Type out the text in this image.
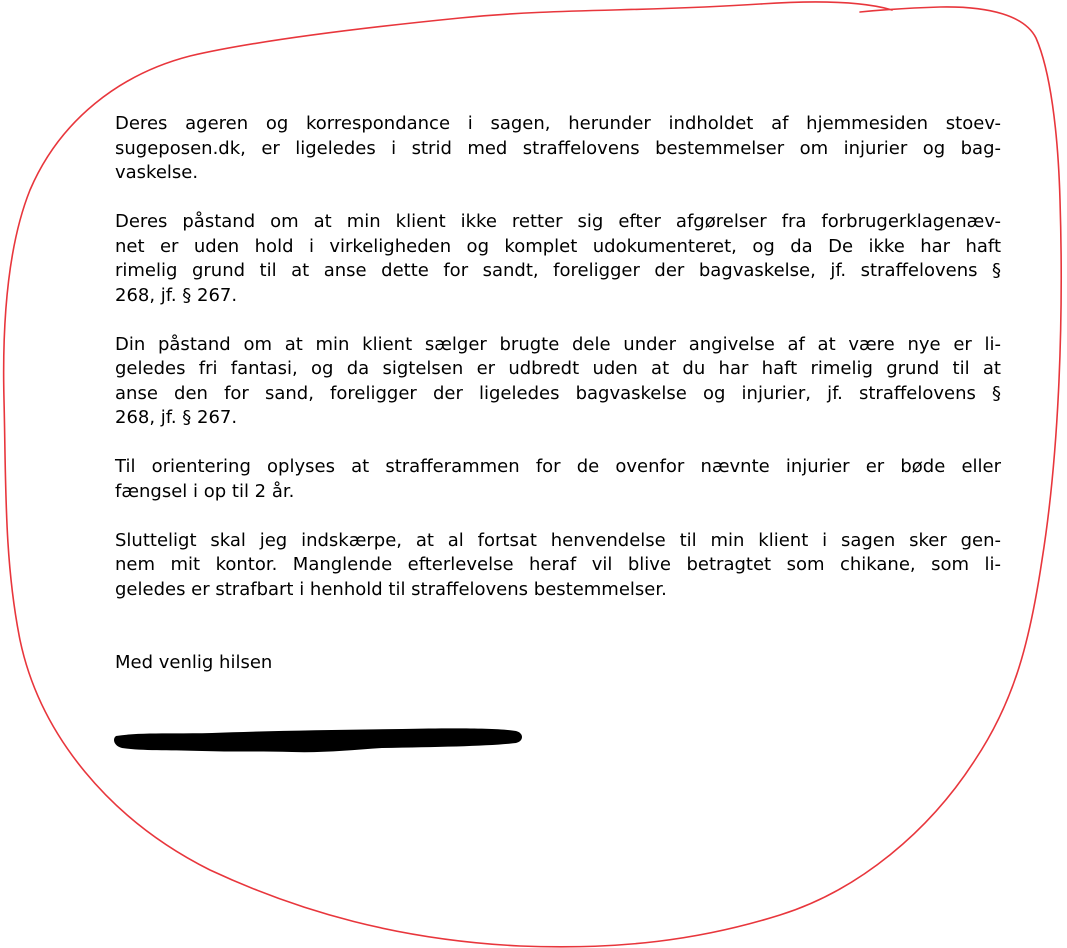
Deres ageren og korrespondance i sagen, herunder indholdet af hjemmesiden stoev-
sugeposen.dk, er ligeledes i strid med straffelovens bestemmelser om injurier og bag-
vaskelse.
Deres påstand om at min klient ikke retter sig efter afgørelser fra forbrugerklagenæv-
net er uden hold i virkeligheden og komplet udokumenteret, og da De ikke har haft
rimelig grund til at anse dette for sandt, foreligger der bagvaskelse, jf. straffelovens §
268, jf. § 267.
Din påstand om at min klient sælger brugte dele under angivelse af at være nye er li-
geledes fri fantasi, og da sigtelsen er udbredt uden at du har haft rimelig grund til at
anse den for sand, foreligger der ligeledes bagvaskelse og injurier, jf. straffelovens §
268, jf. § 267.
Til orientering oplyses at strafferammen for de ovenfor nævnte injurier er bøde eller
fængsel i op til 2 år.
Slutteligt skal jeg indskærpe, at al fortsat henvendelse til min klient i sagen sker gen-
nem mit kontor. Manglende efterlevelse heraf vil blive betragtet som chikane, som li-
geledes er strafbart i henhold til straffelovens bestemmelser.
Med venlig hilsen
